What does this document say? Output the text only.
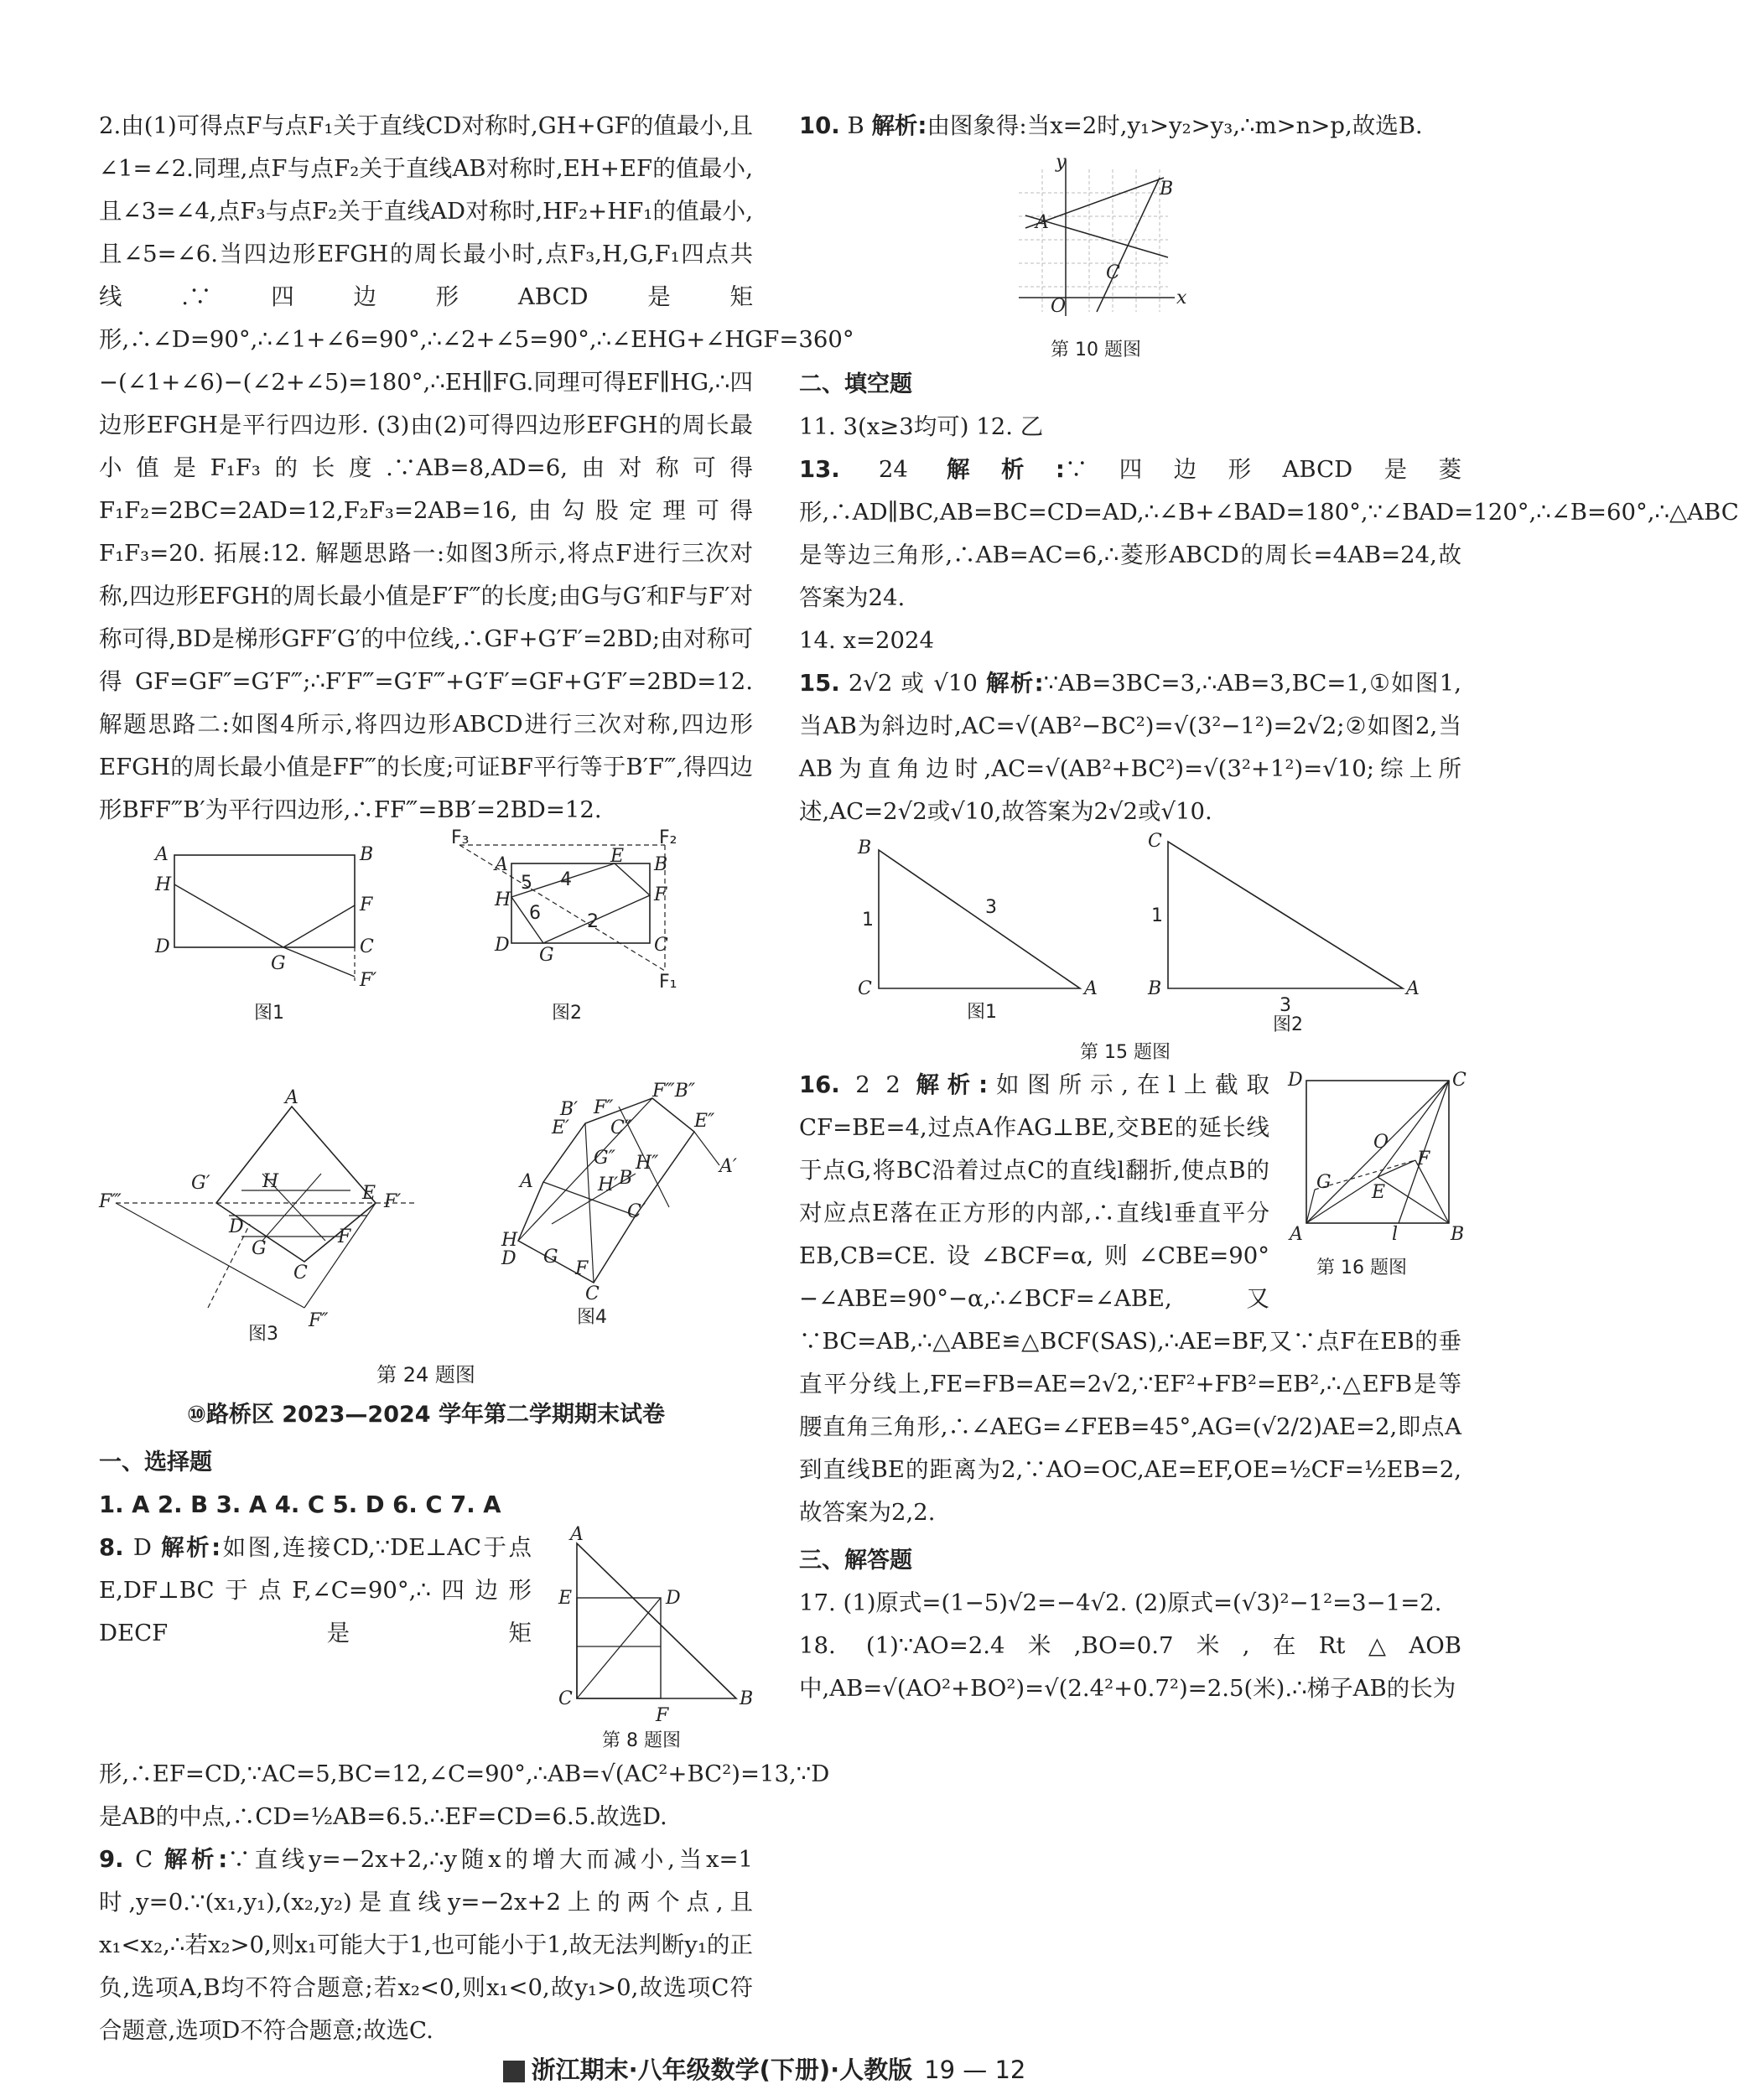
2.由(1)可得点F与点F₁关于直线CD对称时,GH+GF的值最小,且∠1=∠2.同理,点F与点F₂关于直线AB对称时,EH+EF的值最小,且∠3=∠4,点F₃与点F₂关于直线AD对称时,HF₂+HF₁的值最小,且∠5=∠6.当四边形EFGH的周长最小时,点F₃,H,G,F₁四点共线.∵四边形ABCD是矩形,∴∠D=90°,∴∠1+∠6=90°,∴∠2+∠5=90°,∴∠EHG+∠HGF=360°−(∠1+∠6)−(∠2+∠5)=180°,∴EH∥FG.同理可得EF∥HG,∴四边形EFGH是平行四边形. (3)由(2)可得四边形EFGH的周长最小值是F₁F₃的长度.∵AB=8,AD=6,由对称可得F₁F₂=2BC=2AD=12,F₂F₃=2AB=16,由勾股定理可得F₁F₃=20. 拓展:12. 解题思路一:如图3所示,将点F进行三次对称,四边形EFGH的周长最小值是F′F‴的长度;由G与G′和F与F′对称可得,BD是梯形GFF′G′的中位线,∴GF+G′F′=2BD;由对称可得GF=GF″=G′F‴;∴F′F‴=G′F‴+G′F′=GF+G′F′=2BD=12. 解题思路二:如图4所示,将四边形ABCD进行三次对称,四边形EFGH的周长最小值是FF‴的长度;可证BF平行等于B′F‴,得四边形BFF‴B′为平行四边形,∴FF‴=BB′=2BD=12.

A	B
H
F
D	C
G
F′
图1
F₃	F₂
A	B
H	F
D	C
G
E
F₁
5 4
6	2
图2
A
H
E
F‴
G′
F′
D
G
C
F
F″
图3
B′ F″
F‴B″
E′ C″	E″
G″ H″	A′
A	H′ B
H
D G
C′
F
C
图4
第 24 题图
⑩路桥区 2023—2024 学年第二学期期末试卷
一、选择题

1. A 2. B 3. A 4. C 5. D 6. C 7. A

A
E	D
C
F
B
第 8 题图

8. D 解析:如图,连接CD,∵DE⊥AC于点E,DF⊥BC于点F,∠C=90°,∴四边形DECF是矩形,∴EF=CD,∵AC=5,BC=12,∠C=90°,∴AB=√(AC²+BC²)=13,∵D是AB的中点,∴CD=½AB=6.5.∴EF=CD=6.5.故选D.

9. C 解析:∵直线y=−2x+2,∴y随x的增大而减小,当x=1时,y=0.∵(x₁,y₁),(x₂,y₂)是直线y=−2x+2上的两个点,且x₁<x₂,∴若x₂>0,则x₁可能大于1,也可能小于1,故无法判断y₁的正负,选项A,B均不符合题意;若x₂<0,则x₁<0,故y₁>0,故选项C符合题意,选项D不符合题意;故选C.

10. B 解析:由图象得:当x=2时,y₁>y₂>y₃,∴m>n>p,故选B.

y
x
O
A
B
C
第 10 题图
二、填空题

11. 3(x≥3均可) 12. 乙

13. 24 解析:∵四边形ABCD是菱形,∴AD∥BC,AB=BC=CD=AD,∴∠B+∠BAD=180°,∵∠BAD=120°,∴∠B=60°,∴△ABC是等边三角形,∴AB=AC=6,∴菱形ABCD的周长=4AB=24,故答案为24.

14. x=2024

15. 2√2 或 √10 解析:∵AB=3BC=3,∴AB=3,BC=1,①如图1,当AB为斜边时,AC=√(AB²−BC²)=√(3²−1²)=2√2;②如图2,当AB为直角边时,AC=√(AB²+BC²)=√(3²+1²)=√10;综上所述,AC=2√2或√10,故答案为2√2或√10.

B
C	A
1
3
图1
C
B	A
1
3
图2
第 15 题图
D	C
O
G
F
E
A	l	B
第 16 题图

16. 2 2 解析:如图所示,在l上截取CF=BE=4,过点A作AG⊥BE,交BE的延长线于点G,将BC沿着过点C的直线l翻折,使点B的对应点E落在正方形的内部,∴直线l垂直平分EB,CB=CE.设∠BCF=α,则∠CBE=90°−∠ABE=90°−α,∴∠BCF=∠ABE,又∵BC=AB,∴△ABE≌△BCF(SAS),∴AE=BF,又∵点F在EB的垂直平分线上,FE=FB=AE=2√2,∵EF²+FB²=EB²,∴△EFB是等腰直角三角形,∴∠AEG=∠FEB=45°,AG=(√2/2)AE=2,即点A到直线BE的距离为2,∵AO=OC,AE=EF,OE=½CF=½EB=2,故答案为2,2.

三、解答题

17. (1)原式=(1−5)√2=−4√2. (2)原式=(√3)²−1²=3−1=2.

18. (1)∵AO=2.4米,BO=0.7米,在Rt△AOB中,AB=√(AO²+BO²)=√(2.4²+0.7²)=2.5(米).∴梯子AB的长为

浙江期末·八年级数学(下册)·人教版 19 — 12
